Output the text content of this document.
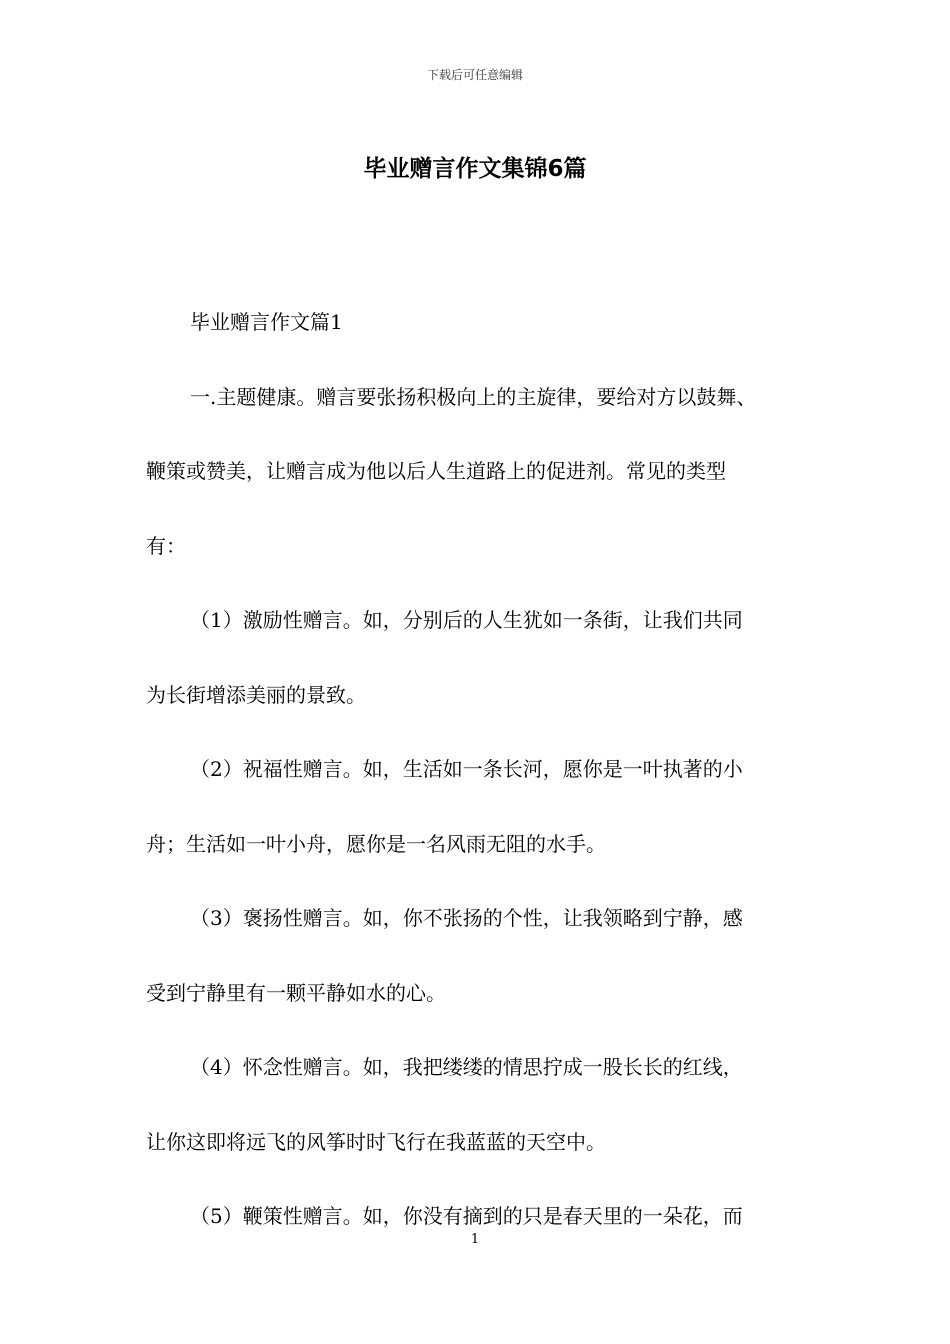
下载后可任意编辑
毕业赠言作文集锦6篇

毕业赠言作文篇1

一.主题健康。赠言要张扬积极向上的主旋律，要给对方以鼓舞、
鞭策或赞美，让赠言成为他以后人生道路上的促进剂。常见的类型
有：

（1）激励性赠言。如，分别后的人生犹如一条街，让我们共同
为长街增添美丽的景致。

（2）祝福性赠言。如，生活如一条长河，愿你是一叶执著的小
舟；生活如一叶小舟，愿你是一名风雨无阻的水手。

（3）褒扬性赠言。如，你不张扬的个性，让我领略到宁静，感
受到宁静里有一颗平静如水的心。

（4）怀念性赠言。如，我把缕缕的情思拧成一股长长的红线，
让你这即将远飞的风筝时时飞行在我蓝蓝的天空中。

（5）鞭策性赠言。如，你没有摘到的只是春天里的一朵花，而

1
